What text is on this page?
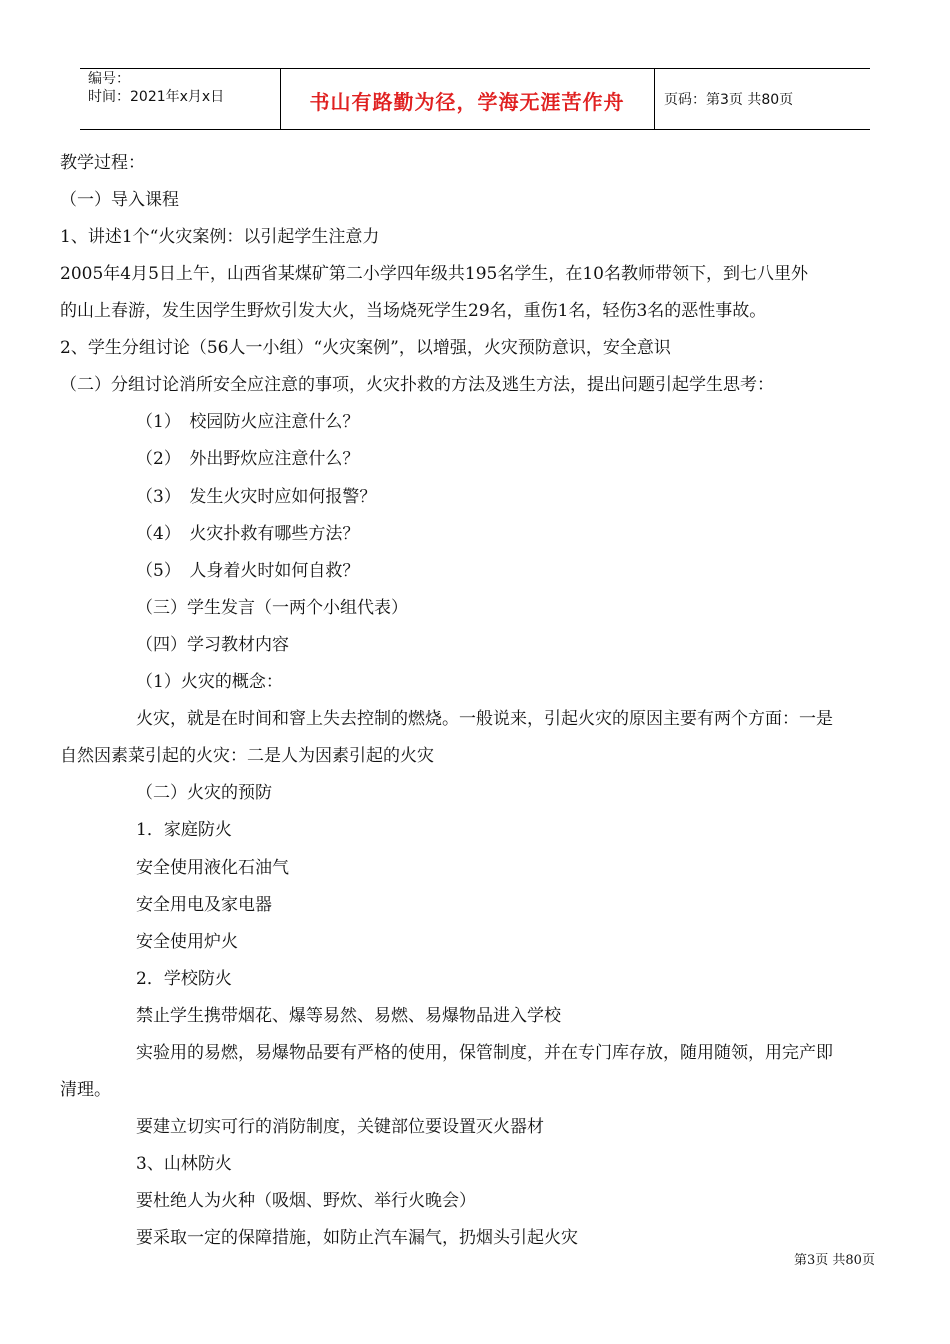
编号：
时间：2021年x月x日	书山有路勤为径，学海无涯苦作舟	页码：第3页 共80页
教学过程：
（一）导入课程
1、讲述1个“火灾案例：以引起学生注意力
2005年4月5日上午，山西省某煤矿第二小学四年级共195名学生，在10名教师带领下，到七八里外
的山上春游，发生因学生野炊引发大火，当场烧死学生29名，重伤1名，轻伤3名的恶性事故。
2、学生分组讨论（56人一小组）“火灾案例”，以增强，火灾预防意识，安全意识
（二）分组讨论消所安全应注意的事项，火灾扑救的方法及逃生方法，提出问题引起学生思考：
（1）　校园防火应注意什么？
（2）　外出野炊应注意什么？
（3）　发生火灾时应如何报警？
（4）　火灾扑救有哪些方法？
（5）　人身着火时如何自救？
（三）学生发言（一两个小组代表）
（四）学习教材内容
（1）火灾的概念：
火灾，就是在时间和窨上失去控制的燃烧。一般说来，引起火灾的原因主要有两个方面：一是
自然因素菜引起的火灾：二是人为因素引起的火灾
（二）火灾的预防
1．家庭防火
安全使用液化石油气
安全用电及家电器
安全使用炉火
2．学校防火
禁止学生携带烟花、爆等易然、易燃、易爆物品进入学校
实验用的易燃，易爆物品要有严格的使用，保管制度，并在专门库存放，随用随领，用完产即
清理。
要建立切实可行的消防制度，关键部位要设置灭火器材
3、山林防火
要杜绝人为火种（吸烟、野炊、举行火晚会）
要采取一定的保障措施，如防止汽车漏气，扔烟头引起火灾
第3页 共80页
